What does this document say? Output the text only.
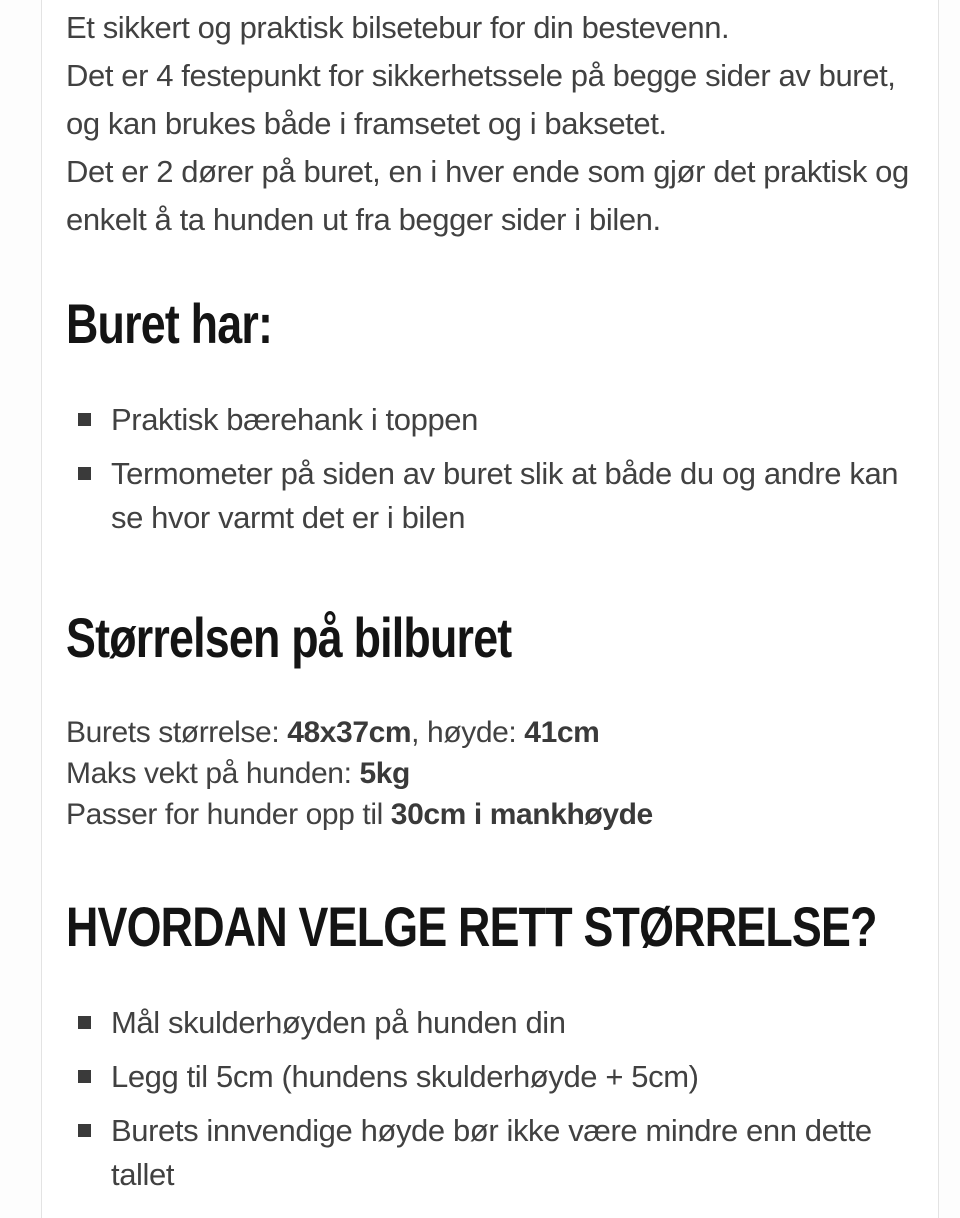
Et sikkert og praktisk bilsetebur for din bestevenn.
Det er 4 festepunkt for sikkerhetssele på begge sider av buret, og kan brukes både i framsetet og i baksetet.
Det er 2 dører på buret, en i hver ende som gjør det praktisk og enkelt å ta hunden ut fra begger sider i bilen.

Buret har:
Praktisk bærehank i toppen
Termometer på siden av buret slik at både du og andre kan se hvor varmt det er i bilen
Størrelsen på bilburet
Burets størrelse: 48x37cm, høyde: 41cm
Maks vekt på hunden: 5kg
Passer for hunder opp til 30cm i mankhøyde
HVORDAN VELGE RETT STØRRELSE?
Mål skulderhøyden på hunden din
Legg til 5cm (hundens skulderhøyde + 5cm)
Burets innvendige høyde bør ikke være mindre enn dette tallet
